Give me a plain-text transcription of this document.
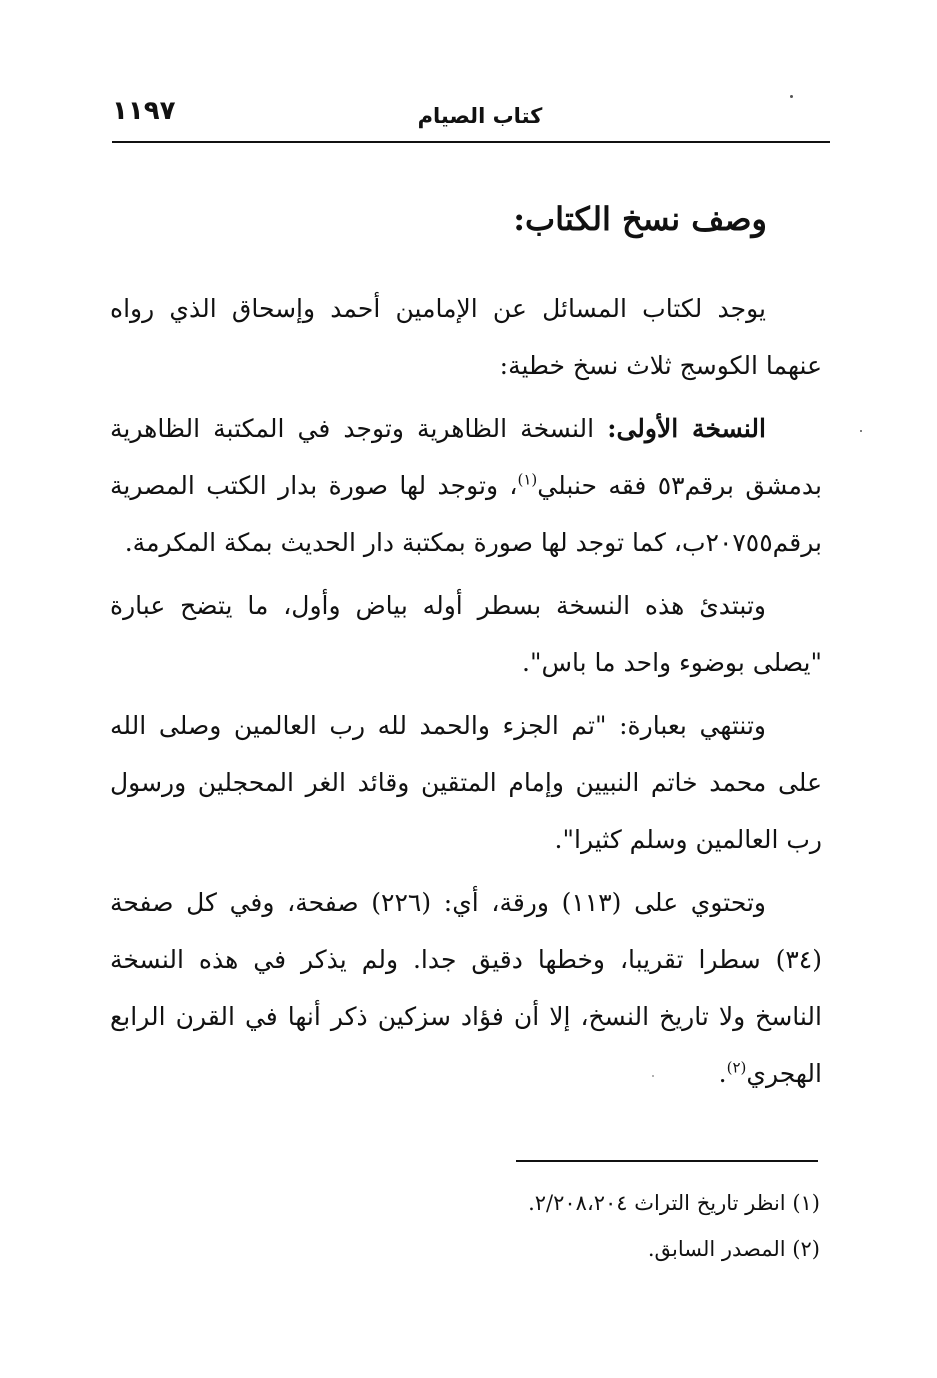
١١٩٧	كتاب الصيام
وصف نسخ الكتاب:

يوجد لكتاب المسائل عن الإمامين أحمد وإسحاق الذي رواه عنهما الكوسج ثلاث نسخ خطية:

النسخة الأولى: النسخة الظاهرية وتوجد في المكتبة الظاهرية بدمشق برقم٥٣ فقه حنبلي$^{(١)}$، وتوجد لها صورة بدار الكتب المصرية برقم٢٠٧٥٥ب، كما توجد لها صورة بمكتبة دار الحديث بمكة المكرمة.

وتبتدئ هذه النسخة بسطر أوله بياض وأول، ما يتضح عبارة "يصلى بوضوء واحد ما باس".

وتنتهي بعبارة: "تم الجزء والحمد لله رب العالمين وصلى الله على محمد خاتم النبيين وإمام المتقين وقائد الغر المحجلين ورسول رب العالمين وسلم كثيرا".

وتحتوي على (١١٣) ورقة، أي: (٢٢٦) صفحة، وفي كل صفحة (٣٤) سطرا تقريبا، وخطها دقيق جدا. ولم يذكر في هذه النسخة الناسخ ولا تاريخ النسخ، إلا أن فؤاد سزكين ذكر أنها في القرن الرابع الهجري$^{(٢)}$.

(١) انظر تاريخ التراث ٢/٢٠٨،٢٠٤.

(٢) المصدر السابق.
